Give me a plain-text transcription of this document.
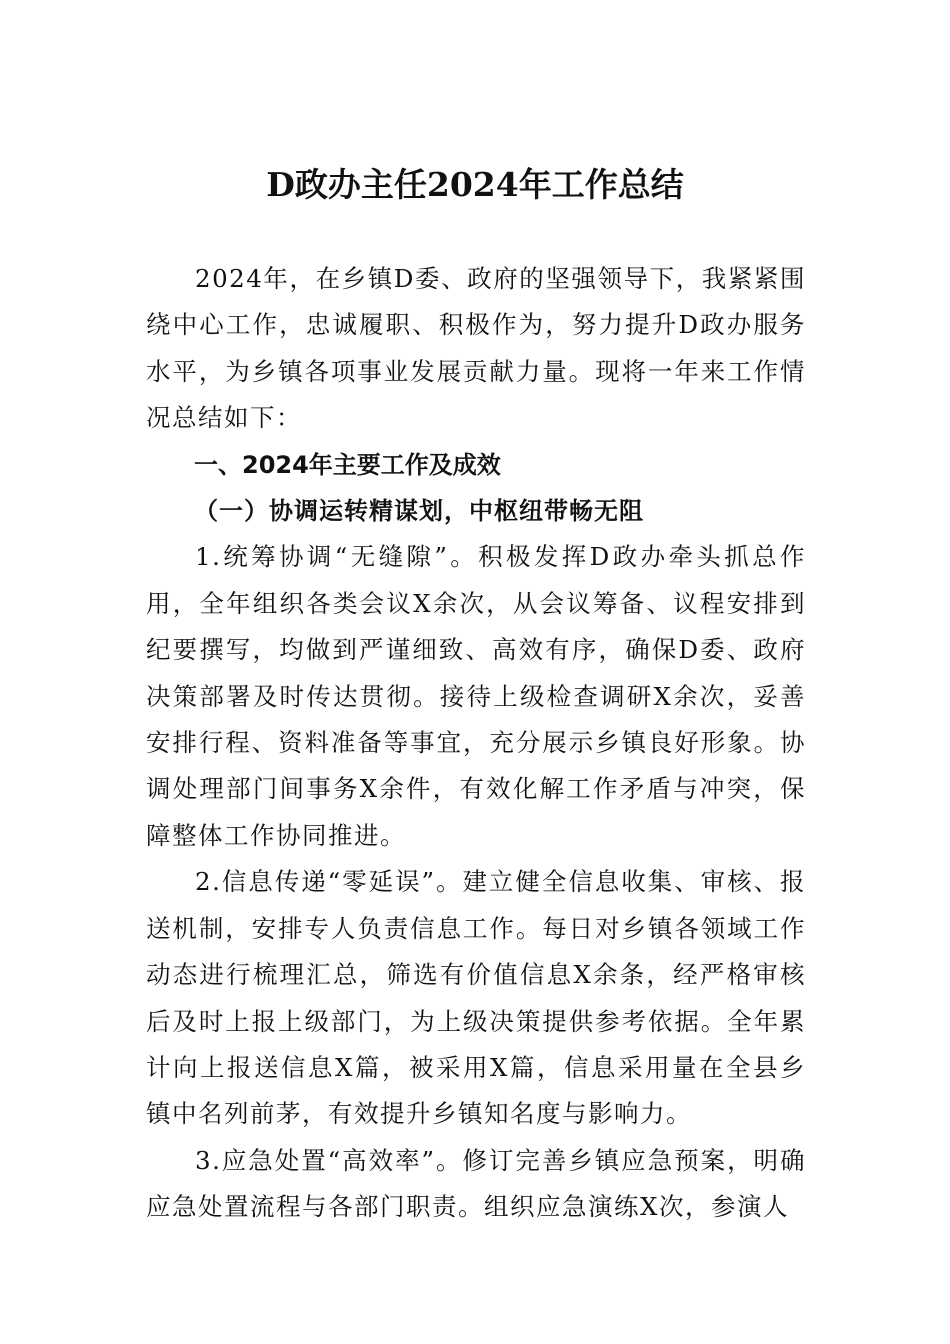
D政办主任2024年工作总结

2024年，在乡镇D委、政府的坚强领导下，我紧紧围绕中心工作，忠诚履职、积极作为，努力提升D政办服务水平，为乡镇各项事业发展贡献力量。现将一年来工作情况总结如下：

一、2024年主要工作及成效

（一）协调运转精谋划，中枢纽带畅无阻

1.统筹协调“无缝隙”。积极发挥D政办牵头抓总作用，全年组织各类会议X余次，从会议筹备、议程安排到纪要撰写，均做到严谨细致、高效有序，确保D委、政府决策部署及时传达贯彻。接待上级检查调研X余次，妥善安排行程、资料准备等事宜，充分展示乡镇良好形象。协调处理部门间事务X余件，有效化解工作矛盾与冲突，保障整体工作协同推进。

2.信息传递“零延误”。建立健全信息收集、审核、报送机制，安排专人负责信息工作。每日对乡镇各领域工作动态进行梳理汇总，筛选有价值信息X余条，经严格审核后及时上报上级部门，为上级决策提供参考依据。全年累计向上报送信息X篇，被采用X篇，信息采用量在全县乡镇中名列前茅，有效提升乡镇知名度与影响力。

3.应急处置“高效率”。修订完善乡镇应急预案，明确应急处置流程与各部门职责。组织应急演练X次，参演人
